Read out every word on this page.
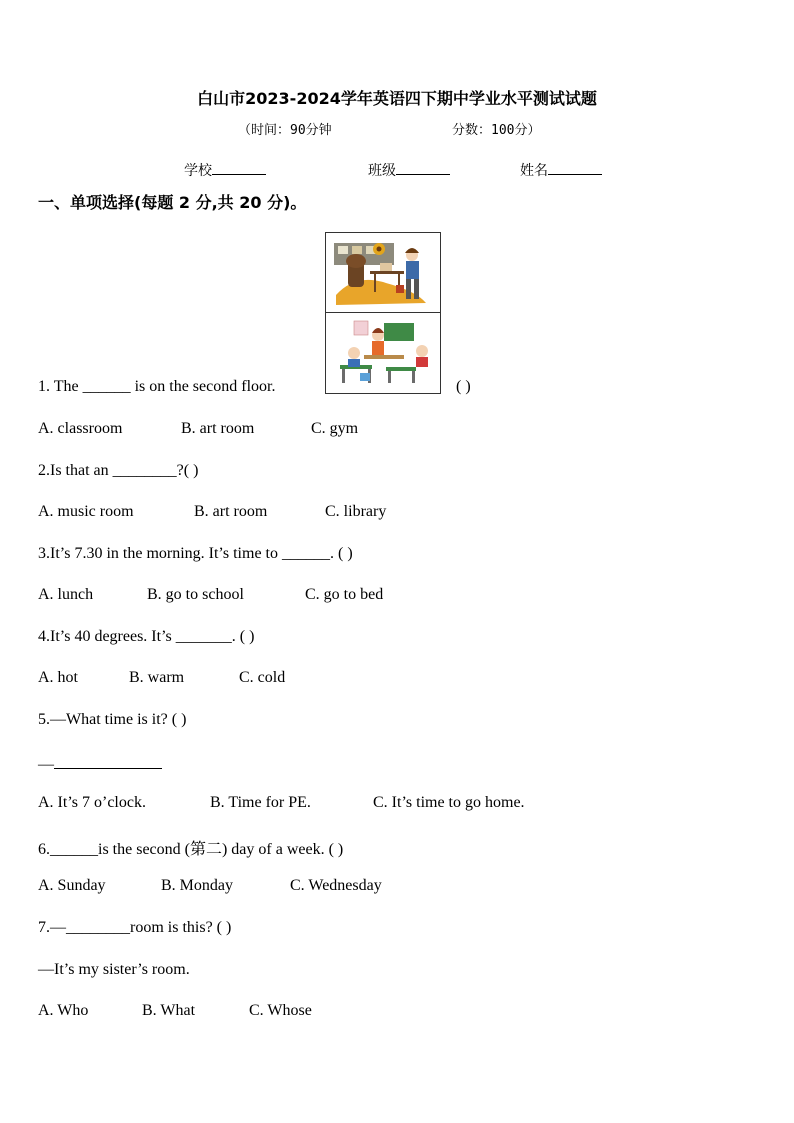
白山市2023-2024学年英语四下期中学业水平测试试题
（时间：90分钟	分数：100分）
学校	班级	姓名
一、单项选择(每题 2 分,共 20 分)。
1. The ______ is on the second floor.	( )
A. classroom	B. art room	C. gym
2.Is that an ________?( )
A. music room	B. art room	C. library
3.It’s 7.30 in the morning. It’s time to ______. ( )
A. lunch	B. go to school	C. go to bed
4.It’s 40 degrees. It’s _______. ( )
A. hot	B. warm	C. cold
5.—What time is it? ( )
—
A. It’s 7 o’clock.	B. Time for PE.	C. It’s time to go home.
6.______is the second (第二) day of a week. ( )
A. Sunday	B. Monday	C. Wednesday
7.—________room is this? ( )
—It’s my sister’s room.
A. Who	B. What	C. Whose
